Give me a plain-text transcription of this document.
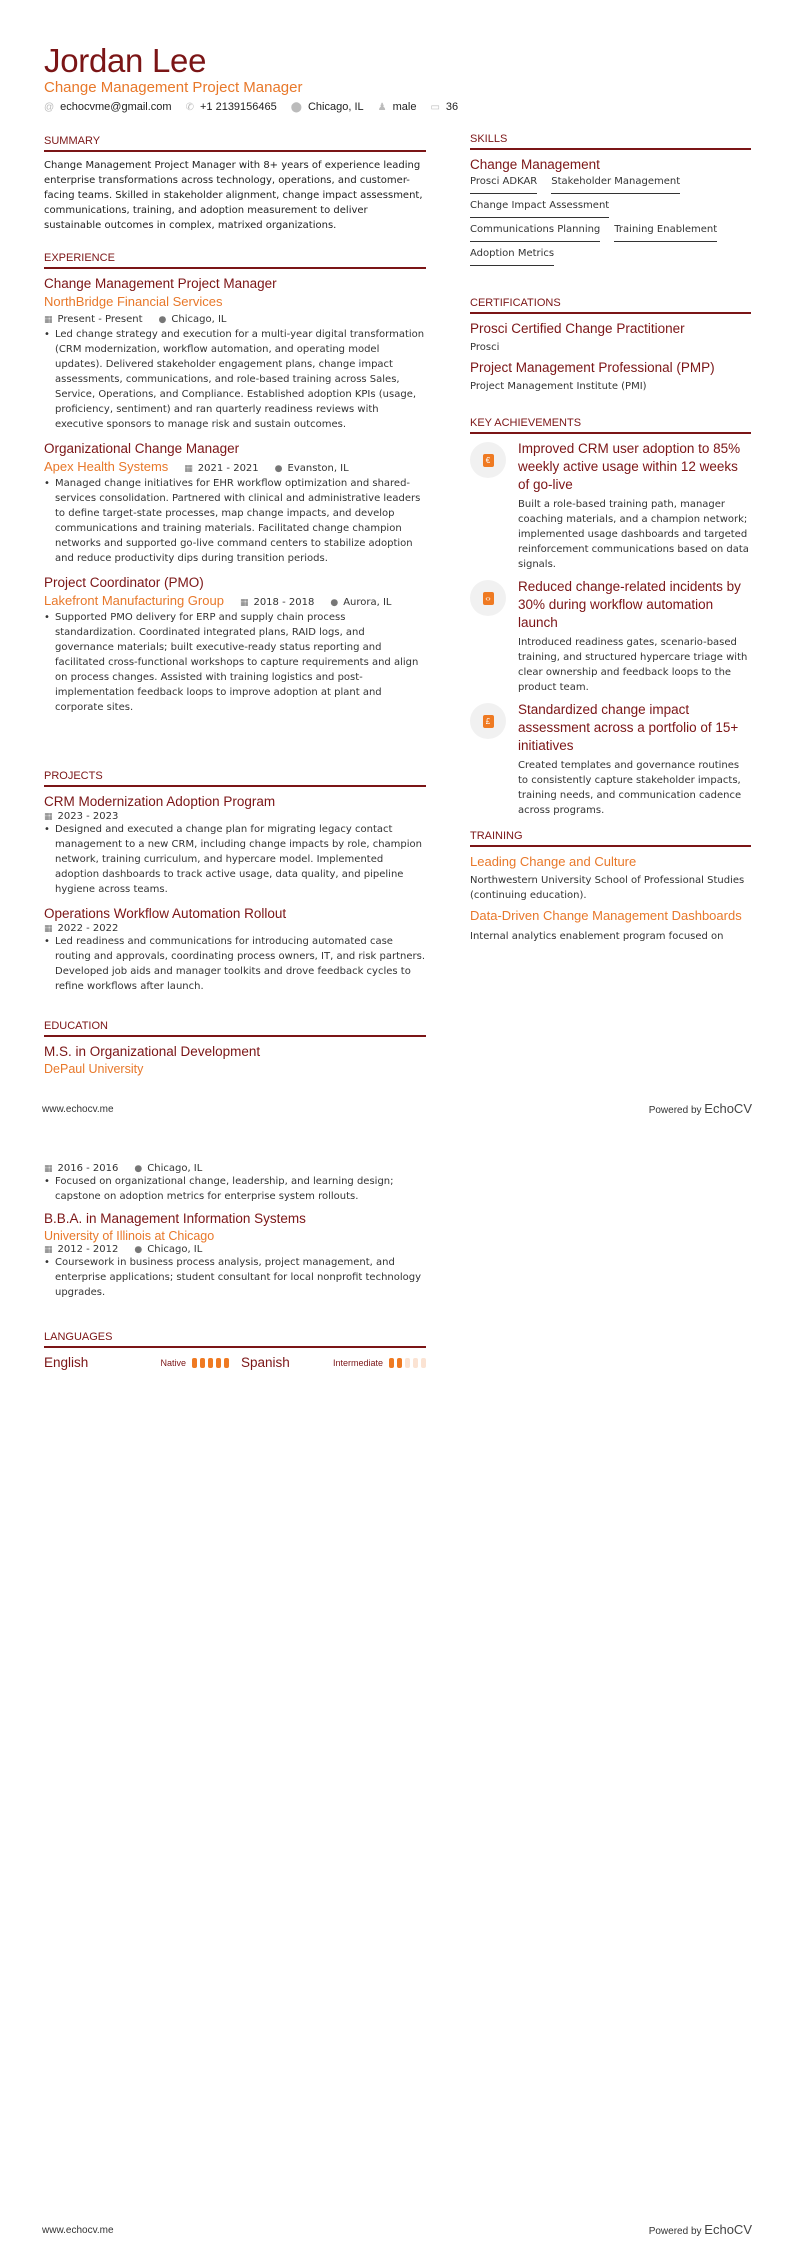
Jordan Lee
Change Management Project Manager
@ echocvme@gmail.com ✆ +1 2139156465 ⬤ Chicago, IL ♟ male ▭ 36
SUMMARY
Change Management Project Manager with 8+ years of experience leading enterprise transformations across technology, operations, and customer-facing teams. Skilled in stakeholder alignment, change impact assessment, communications, training, and adoption measurement to deliver sustainable outcomes in complex, matrixed organizations.
EXPERIENCE
Change Management Project Manager
NorthBridge Financial Services
▦ Present - Present ● Chicago, IL
• Led change strategy and execution for a multi-year digital transformation (CRM modernization, workflow automation, and operating model updates). Delivered stakeholder engagement plans, change impact assessments, communications, and role-based training across Sales, Service, Operations, and Compliance. Established adoption KPIs (usage, proficiency, sentiment) and ran quarterly readiness reviews with executive sponsors to manage risk and sustain outcomes.
Organizational Change Manager
Apex Health Systems ▦ 2021 - 2021 ● Evanston, IL
• Managed change initiatives for EHR workflow optimization and shared-services consolidation. Partnered with clinical and administrative leaders to define target-state processes, map change impacts, and develop communications and training materials. Facilitated change champion networks and supported go-live command centers to stabilize adoption and reduce productivity dips during transition periods.
Project Coordinator (PMO)
Lakefront Manufacturing Group ▦ 2018 - 2018 ● Aurora, IL
• Supported PMO delivery for ERP and supply chain process standardization. Coordinated integrated plans, RAID logs, and governance materials; built executive-ready status reporting and facilitated cross-functional workshops to capture requirements and align on process changes. Assisted with training logistics and post-implementation feedback loops to improve adoption at plant and corporate sites.
PROJECTS
CRM Modernization Adoption Program
▦ 2023 - 2023
• Designed and executed a change plan for migrating legacy contact management to a new CRM, including change impacts by role, champion network, training curriculum, and hypercare model. Implemented adoption dashboards to track active usage, data quality, and pipeline hygiene across teams.
Operations Workflow Automation Rollout
▦ 2022 - 2022
• Led readiness and communications for introducing automated case routing and approvals, coordinating process owners, IT, and risk partners. Developed job aids and manager toolkits and drove feedback cycles to refine workflows after launch.
EDUCATION
M.S. in Organizational Development
DePaul University
SKILLS
Change Management
Prosci ADKAR Stakeholder Management
Change Impact Assessment
Communications Planning Training Enablement
Adoption Metrics
CERTIFICATIONS
Prosci Certified Change Practitioner
Prosci
Project Management Professional (PMP)
Project Management Institute (PMI)
KEY ACHIEVEMENTS
€
Improved CRM user adoption to 85% weekly active usage within 12 weeks of go-live
Built a role-based training path, manager coaching materials, and a champion network; implemented usage dashboards and targeted reinforcement communications based on data signals.
‹›
Reduced change-related incidents by 30% during workflow automation launch
Introduced readiness gates, scenario-based training, and structured hypercare triage with clear ownership and feedback loops to the product team.
£
Standardized change impact assessment across a portfolio of 15+ initiatives
Created templates and governance routines to consistently capture stakeholder impacts, training needs, and communication cadence across programs.
TRAINING
Leading Change and Culture
Northwestern University School of Professional Studies (continuing education).
Data-Driven Change Management Dashboards
Internal analytics enablement program focused on
www.echocv.me	Powered by EchoCV
▦ 2016 - 2016 ● Chicago, IL
• Focused on organizational change, leadership, and learning design; capstone on adoption metrics for enterprise system rollouts.
B.B.A. in Management Information Systems
University of Illinois at Chicago
▦ 2012 - 2012 ● Chicago, IL
• Coursework in business process analysis, project management, and enterprise applications; student consultant for local nonprofit technology upgrades.
LANGUAGES
English	Native	Spanish	Intermediate
www.echocv.me	Powered by EchoCV
